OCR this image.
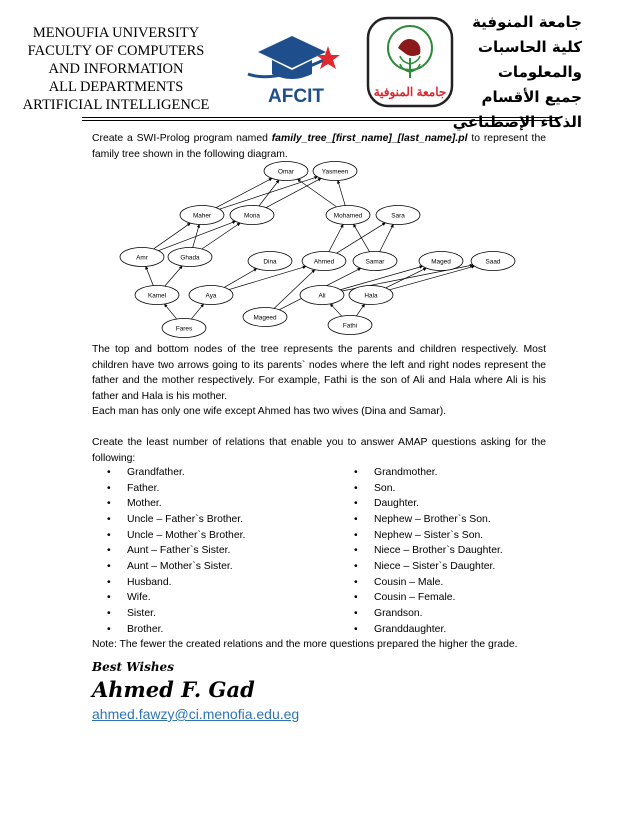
MENOUFIA UNIVERSITY
FACULTY OF COMPUTERS
AND INFORMATION
ALL DEPARTMENTS
ARTIFICIAL INTELLIGENCE	AFCIT	جامعة المنوفية
جامعة المنوفية
كلية الحاسبات والمعلومات
جميع الأقسام
الذكاء الإصطناعي
Create a SWI-Prolog program named family_tree_[first_name]_[last_name].pl to represent the family tree shown in the following diagram.
Omar	Yasmeen
Maher	Mona	Mohamed	Sara
Amr	Ghada
Dina	Ahmed	Samar	Maged	Saad
Kamel	Aya	Ali	Hala
Fares
Mageed
Fathi
The top and bottom nodes of the tree represents the parents and children respectively. Most children have two arrows going to its parents` nodes where the left and right nodes represent the father and the mother respectively. For example, Fathi is the son of Ali and Hala where Ali is his father and Hala is his mother.
Each man has only one wife except Ahmed has two wives (Dina and Samar).
Create the least number of relations that enable you to answer AMAP questions asking for the following:
• Grandfather.
• Father.
• Mother.
• Uncle – Father`s Brother.
• Uncle – Mother`s Brother.
• Aunt – Father`s Sister.
• Aunt – Mother`s Sister.
• Husband.
• Wife.
• Sister.
• Brother.
• Grandmother.
• Son.
• Daughter.
• Nephew – Brother`s Son.
• Nephew – Sister`s Son.
• Niece – Brother`s Daughter.
• Niece – Sister`s Daughter.
• Cousin – Male.
• Cousin – Female.
• Grandson.
• Granddaughter.
Note: The fewer the created relations and the more questions prepared the higher the grade.
Best Wishes
Ahmed F. Gad
ahmed.fawzy@ci.menofia.edu.eg
